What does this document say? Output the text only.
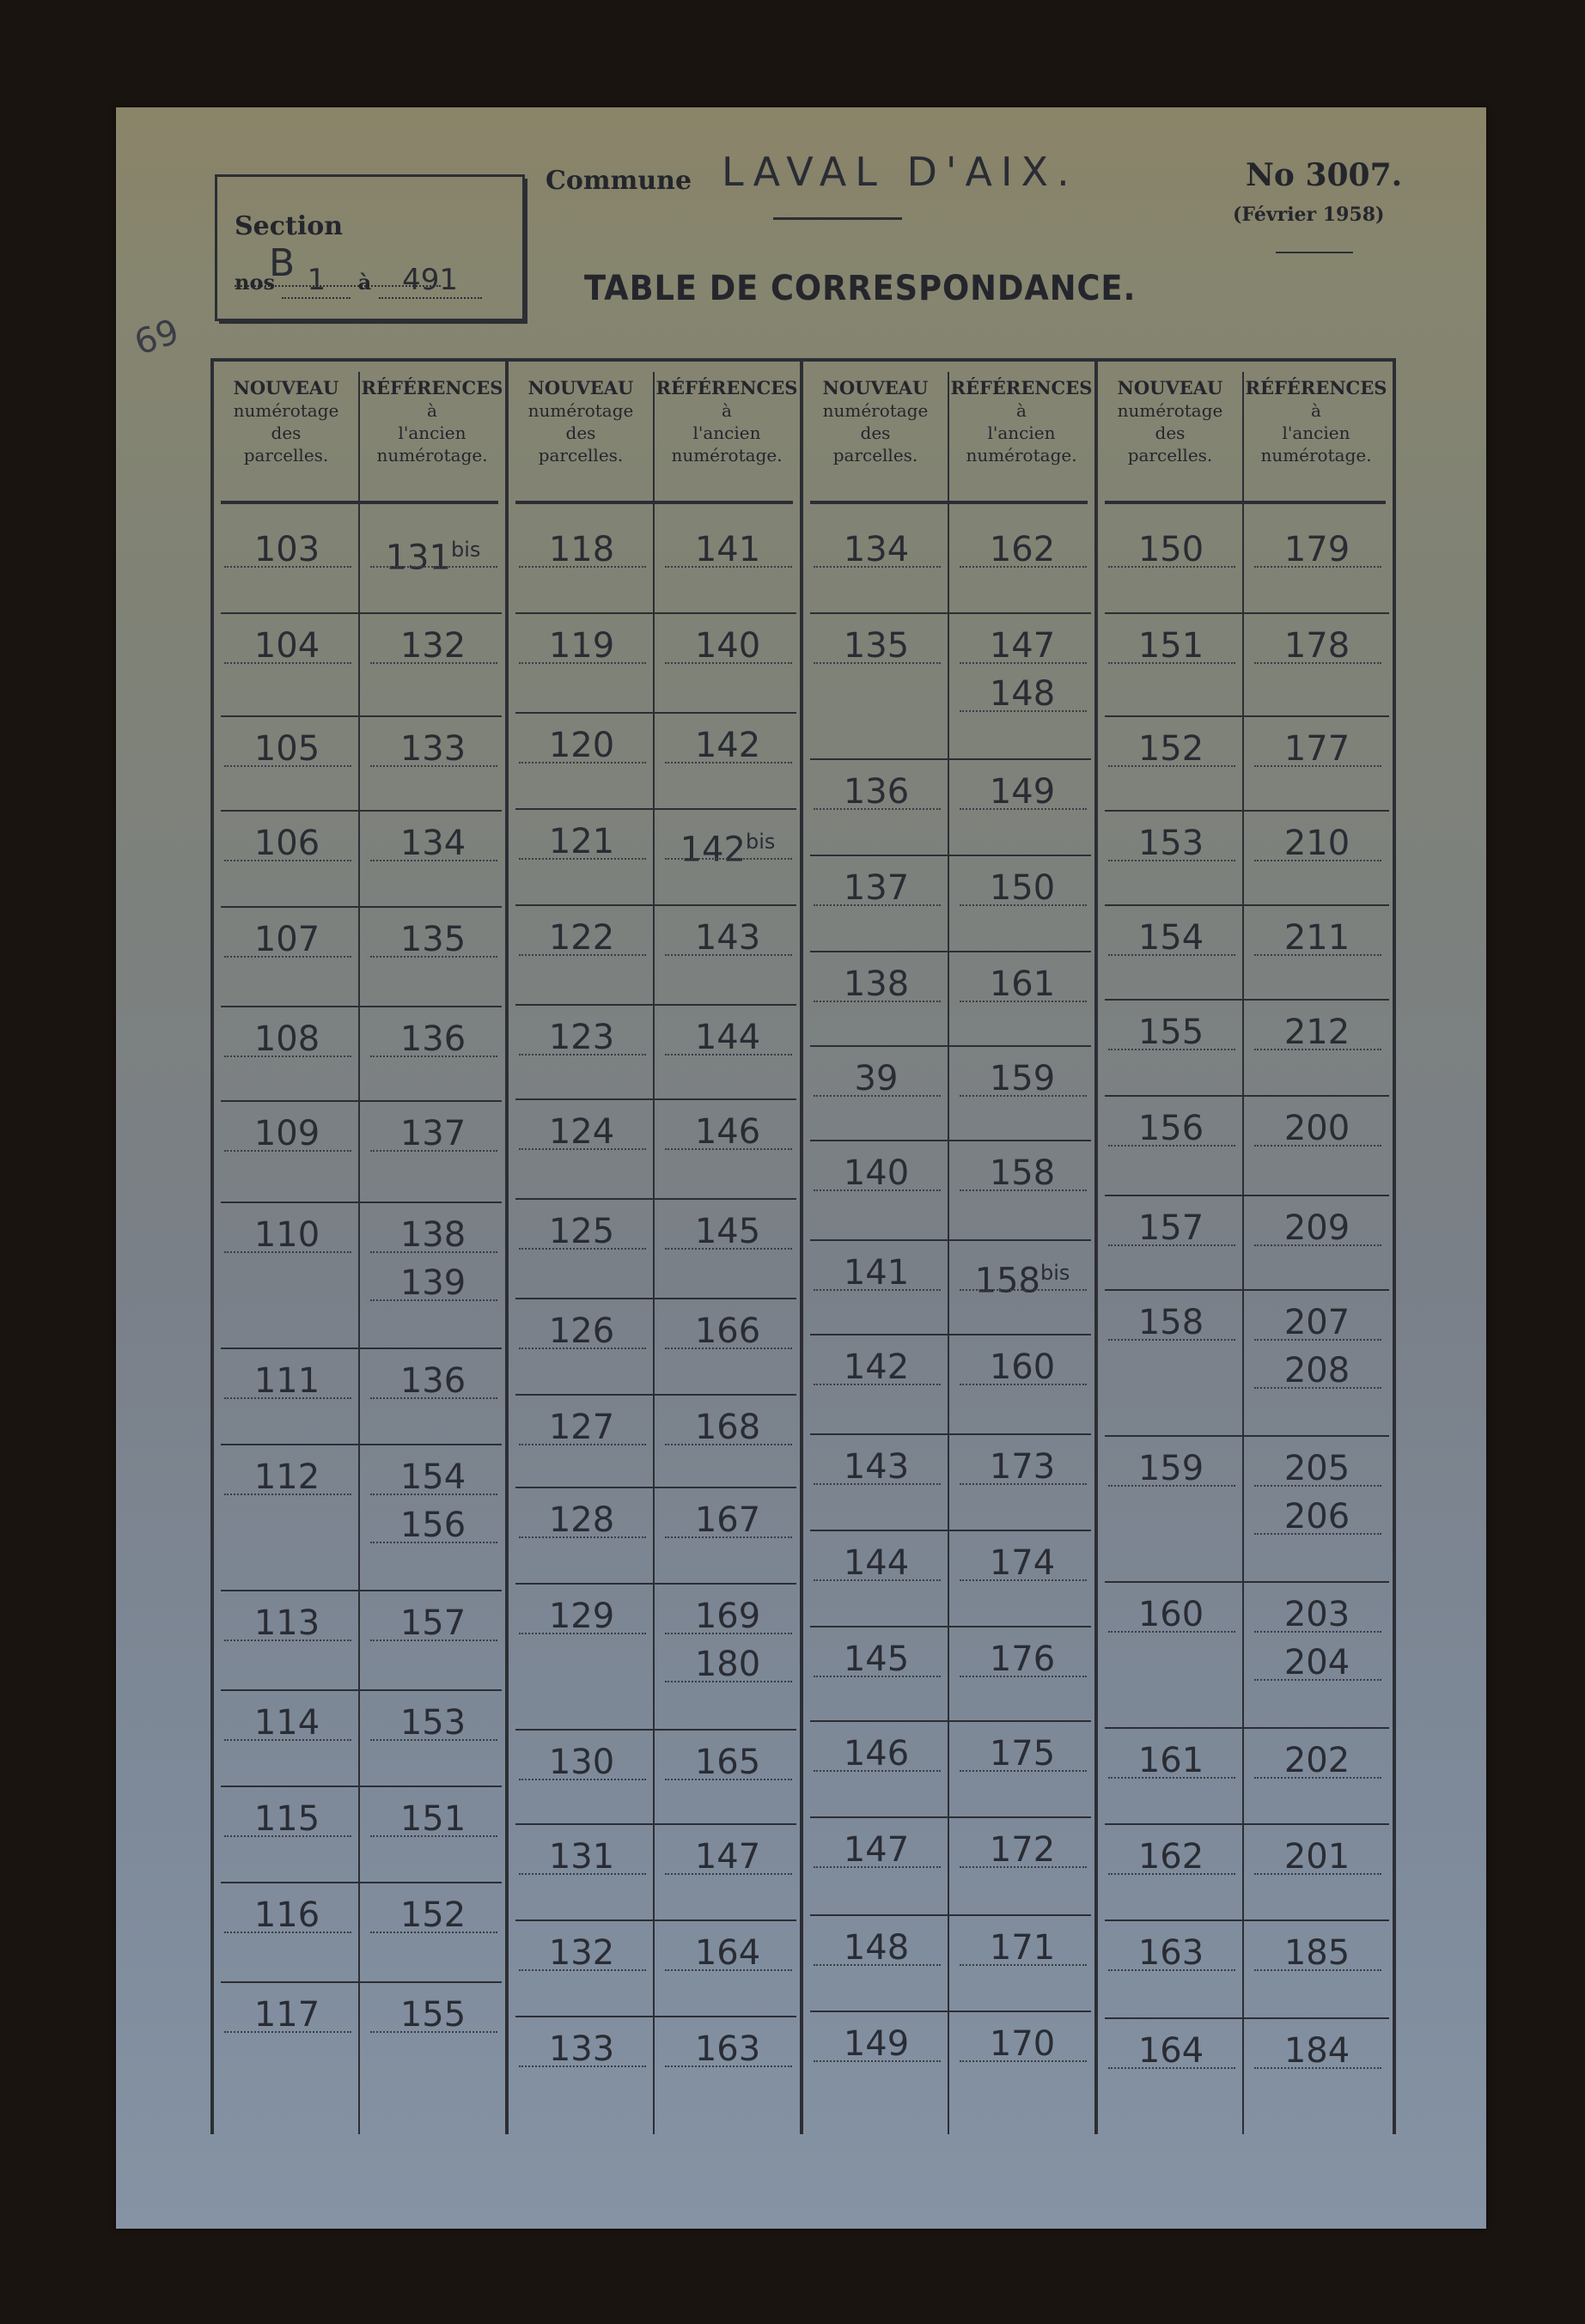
Section B
nos 1 à 491
Commune LAVAL D'AIX.	No 3007.
(Février 1958)
TABLE DE CORRESPONDANCE.
69
NOUVEAU
numérotage
des
parcelles.
RÉFÉRENCES
à
l'ancien
numérotage.
103	$131^{bis}$
104	132
105	133
106	134
107	135
108	136
109	137
110	138
139
111	136
112	154
156
113	157
114	153
115	151
116	152
117	155
NOUVEAU
numérotage
des
parcelles.
RÉFÉRENCES
à
l'ancien
numérotage.
118	141
119	140
120	142
121	$142^{bis}$
122	143
123	144
124	146
125	145
126	166
127	168
128	167
129	169
180
130	165
131	147
132	164
133	163
NOUVEAU
numérotage
des
parcelles.
RÉFÉRENCES
à
l'ancien
numérotage.
134	162
135	147
148
136	149
137	150
138	161
39	159
140	158
141	$158^{bis}$
142	160
143	173
144	174
145	176
146	175
147	172
148	171
149	170
NOUVEAU
numérotage
des
parcelles.
RÉFÉRENCES
à
l'ancien
numérotage.
150	179
151	178
152	177
153	210
154	211
155	212
156	200
157	209
158	207
208
159	205
206
160	203
204
161	202
162	201
163	185
164	184
